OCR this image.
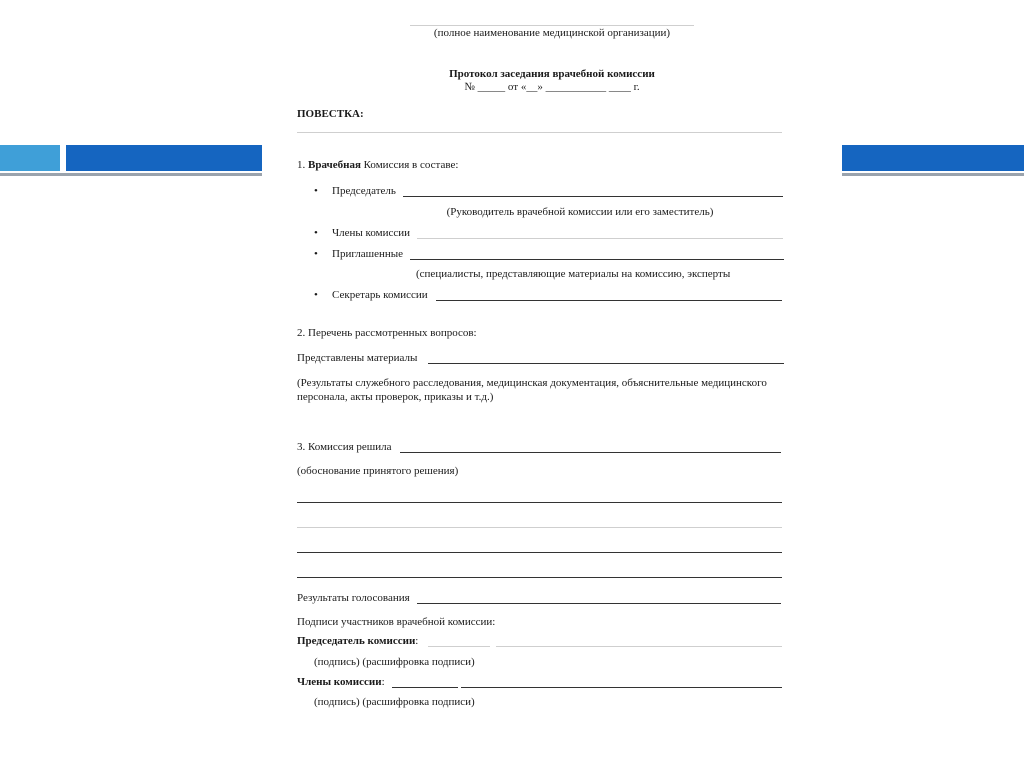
(полное наименование медицинской организации)
Протокол заседания врачебной комиссии
№ _____ от «__» ___________ ____ г.
ПОВЕСТКА:
1. Врачебная Комиссия в составе:
• Председатель
(Руководитель врачебной комиссии или его заместитель)
• Члены комиссии
• Приглашенные
(специалисты, представляющие материалы на комиссию, эксперты
• Секретарь комиссии
2. Перечень рассмотренных вопросов:
Представлены материалы
(Результаты служебного расследования, медицинская документация, объяснительные медицинского
персонала, акты проверок, приказы и т.д.)
3. Комиссия решила
(обоснование принятого решения)
Результаты голосования
Подписи участников врачебной комиссии:
Председатель комиссии:
(подпись) (расшифровка подписи)
Члены комиссии:
(подпись) (расшифровка подписи)
